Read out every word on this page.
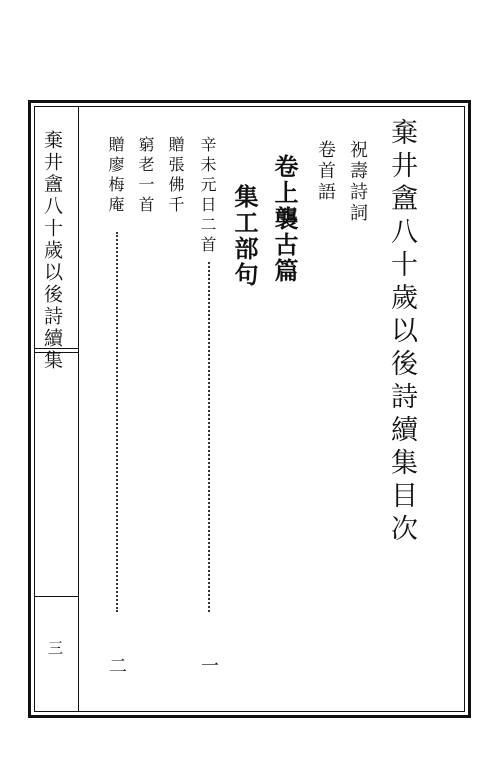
棄井盦八十歲以後詩續集
三
棄井盦八十歲以後詩續集目次
祝壽詩詞
卷首語
卷上襲古篇
集工部句
辛未元日二首
贈張佛千
窮老一首
贈廖梅庵
一
二
